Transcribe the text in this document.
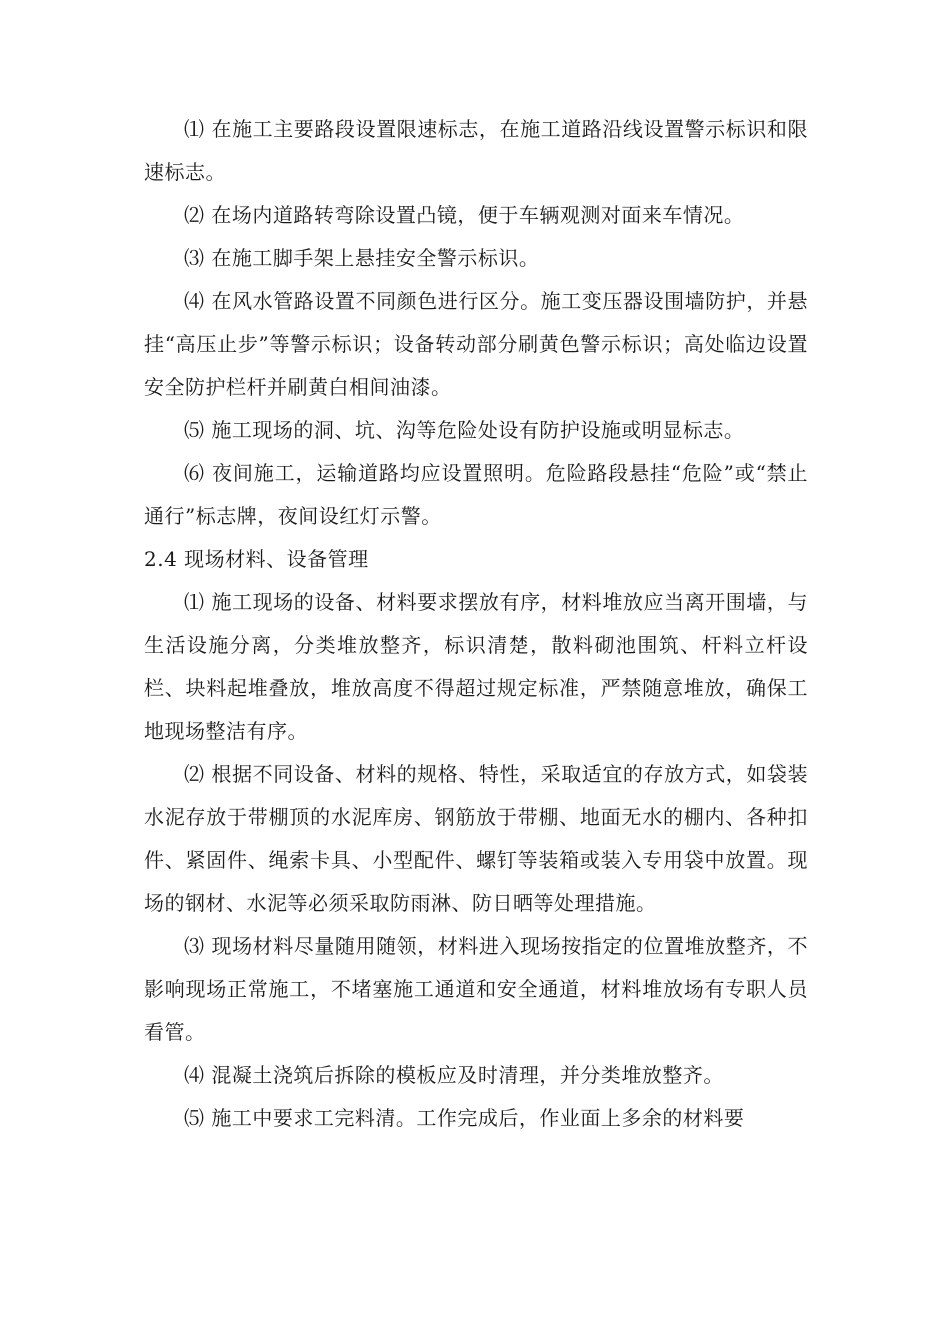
⑴ 在施工主要路段设置限速标志，在施工道路沿线设置警示标识和限速标志。

⑵ 在场内道路转弯除设置凸镜，便于车辆观测对面来车情况。

⑶ 在施工脚手架上悬挂安全警示标识。

⑷ 在风水管路设置不同颜色进行区分。施工变压器设围墙防护，并悬挂“高压止步”等警示标识；设备转动部分刷黄色警示标识；高处临边设置安全防护栏杆并刷黄白相间油漆。

⑸ 施工现场的洞、坑、沟等危险处设有防护设施或明显标志。

⑹ 夜间施工，运输道路均应设置照明。危险路段悬挂“危险”或“禁止通行”标志牌，夜间设红灯示警。

2.4 现场材料、设备管理

⑴ 施工现场的设备、材料要求摆放有序，材料堆放应当离开围墙，与生活设施分离，分类堆放整齐，标识清楚，散料砌池围筑、杆料立杆设栏、块料起堆叠放，堆放高度不得超过规定标准，严禁随意堆放，确保工地现场整洁有序。

⑵ 根据不同设备、材料的规格、特性，采取适宜的存放方式，如袋装水泥存放于带棚顶的水泥库房、钢筋放于带棚、地面无水的棚内、各种扣件、紧固件、绳索卡具、小型配件、螺钉等装箱或装入专用袋中放置。现场的钢材、水泥等必须采取防雨淋、防日晒等处理措施。

⑶ 现场材料尽量随用随领，材料进入现场按指定的位置堆放整齐，不影响现场正常施工，不堵塞施工通道和安全通道，材料堆放场有专职人员看管。

⑷ 混凝土浇筑后拆除的模板应及时清理，并分类堆放整齐。

⑸ 施工中要求工完料清。工作完成后，作业面上多余的材料要
